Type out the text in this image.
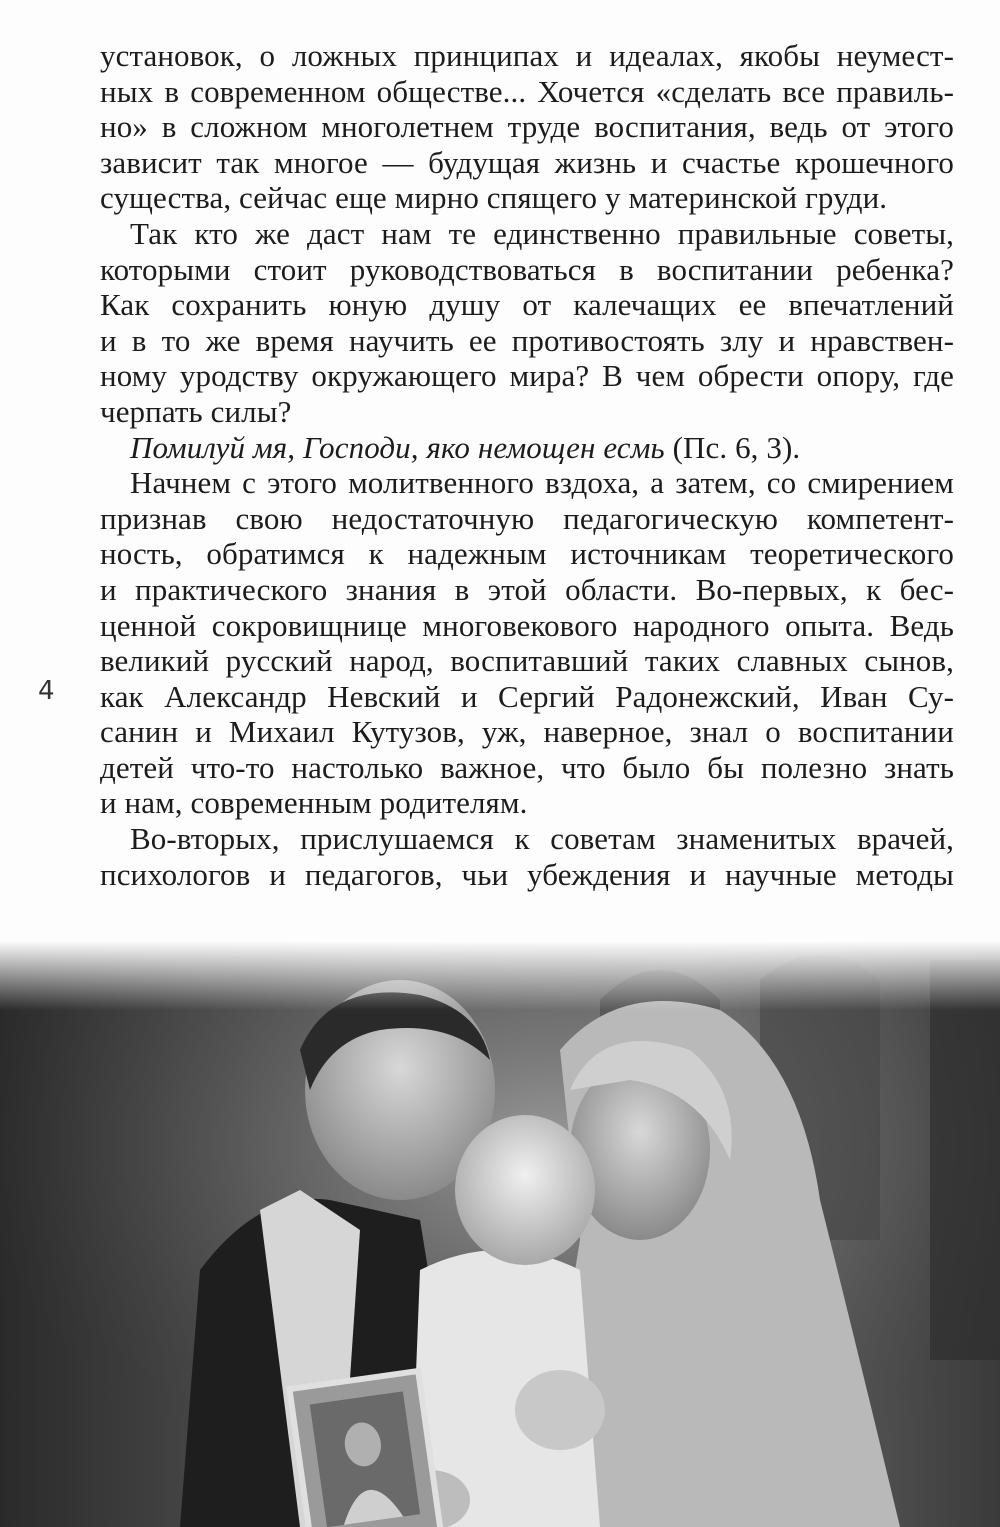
установок, о ложных принципах и идеалах, якобы неумест-
ных в современном обществе... Хочется «сделать все правиль-
но» в сложном многолетнем труде воспитания, ведь от этого
зависит так многое — будущая жизнь и счастье крошечного
существа, сейчас еще мирно спящего у материнской груди.
Так кто же даст нам те единственно правильные советы,
которыми стоит руководствоваться в воспитании ребенка?
Как сохранить юную душу от калечащих ее впечатлений
и в то же время научить ее противостоять злу и нравствен-
ному уродству окружающего мира? В чем обрести опору, где
черпать силы?
Помилуй мя, Господи, яко немощен есмь (Пс. 6, 3).
Начнем с этого молитвенного вздоха, а затем, со смирением
признав свою недостаточную педагогическую компетент-
ность, обратимся к надежным источникам теоретического
и практического знания в этой области. Во-первых, к бес-
ценной сокровищнице многовекового народного опыта. Ведь
великий русский народ, воспитавший таких славных сынов,
как Александр Невский и Сергий Радонежский, Иван Су-
санин и Михаил Кутузов, уж, наверное, знал о воспитании
детей что-то настолько важное, что было бы полезно знать
и нам, современным родителям.
Во-вторых, прислушаемся к советам знаменитых врачей,
психологов и педагогов, чьи убеждения и научные методы
4
